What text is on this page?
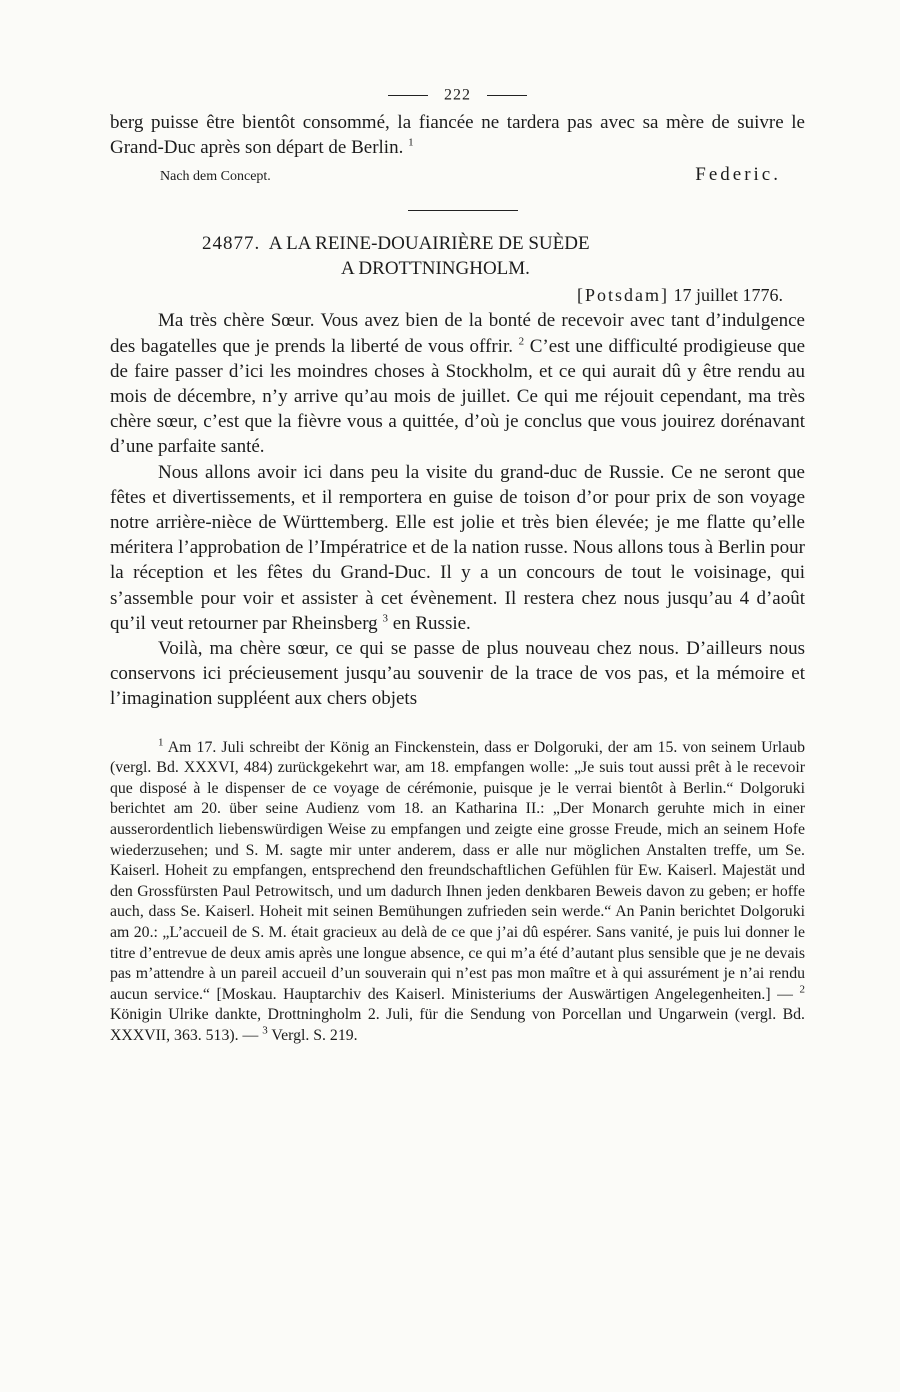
222

berg puisse être bientôt consommé, la fiancée ne tardera pas avec sa mère de suivre le Grand-Duc après son départ de Berlin. $^1$

Nach dem Concept.	Federic.
24877. A LA REINE-DOUAIRIÈRE DE SUÈDE
A DROTTNINGHOLM.
[Potsdam] 17 juillet 1776.

Ma très chère Sœur. Vous avez bien de la bonté de recevoir avec tant d’indulgence des bagatelles que je prends la liberté de vous offrir. $^2$ C’est une difficulté prodigieuse que de faire passer d’ici les moindres choses à Stockholm, et ce qui aurait dû y être rendu au mois de décembre, n’y arrive qu’au mois de juillet. Ce qui me réjouit cependant, ma très chère sœur, c’est que la fièvre vous a quittée, d’où je conclus que vous jouirez dorénavant d’une parfaite santé.

Nous allons avoir ici dans peu la visite du grand-duc de Russie. Ce ne seront que fêtes et divertissements, et il remportera en guise de toison d’or pour prix de son voyage notre arrière-nièce de Württemberg. Elle est jolie et très bien élevée; je me flatte qu’elle méritera l’approbation de l’Impératrice et de la nation russe. Nous allons tous à Berlin pour la réception et les fêtes du Grand-Duc. Il y a un concours de tout le voisinage, qui s’assemble pour voir et assister à cet évènement. Il restera chez nous jusqu’au 4 d’août qu’il veut retourner par Rheinsberg $^3$ en Russie.

Voilà, ma chère sœur, ce qui se passe de plus nouveau chez nous. D’ailleurs nous conservons ici précieusement jusqu’au souvenir de la trace de vos pas, et la mémoire et l’imagination suppléent aux chers objets

$^1$ Am 17. Juli schreibt der König an Finckenstein, dass er Dolgoruki, der am 15. von seinem Urlaub (vergl. Bd. XXXVI, 484) zurückgekehrt war, am 18. empfangen wolle: „Je suis tout aussi prêt à le recevoir que disposé à le dispenser de ce voyage de cérémonie, puisque je le verrai bientôt à Berlin.“ Dolgoruki berichtet am 20. über seine Audienz vom 18. an Katharina II.: „Der Monarch geruhte mich in einer ausserordentlich liebenswürdigen Weise zu empfangen und zeigte eine grosse Freude, mich an seinem Hofe wiederzusehen; und S. M. sagte mir unter anderem, dass er alle nur möglichen Anstalten treffe, um Se. Kaiserl. Hoheit zu empfangen, entsprechend den freundschaftlichen Gefühlen für Ew. Kaiserl. Majestät und den Grossfürsten Paul Petrowitsch, und um dadurch Ihnen jeden denkbaren Beweis davon zu geben; er hoffe auch, dass Se. Kaiserl. Hoheit mit seinen Bemühungen zufrieden sein werde.“ An Panin berichtet Dolgoruki am 20.: „L’accueil de S. M. était gracieux au delà de ce que j’ai dû espérer. Sans vanité, je puis lui donner le titre d’entrevue de deux amis après une longue absence, ce qui m’a été d’autant plus sensible que je ne devais pas m’attendre à un pareil accueil d’un souverain qui n’est pas mon maître et à qui assurément je n’ai rendu aucun service.“ [Moskau. Hauptarchiv des Kaiserl. Ministeriums der Auswärtigen Angelegenheiten.] — $^2$ Königin Ulrike dankte, Drottningholm 2. Juli, für die Sendung von Porcellan und Ungarwein (vergl. Bd. XXXVII, 363. 513). — $^3$ Vergl. S. 219.
